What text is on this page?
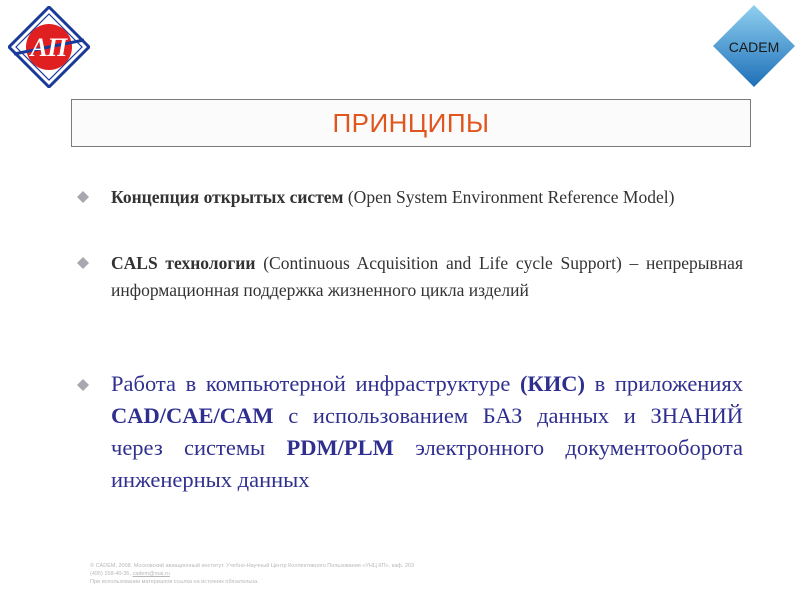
АП	CADEM
ПРИНЦИПЫ
Концепция открытых систем (Open System Environment Reference Model)
CALS технологии (Continuous Acquisition and Life cycle Support) – непрерывная информационная поддержка жизненного цикла изделий
Работа в компьютерной инфраструктуре (КИС) в приложениях CAD/CAE/CAM с использованием БАЗ данных и ЗНАНИЙ через системы PDM/PLM электронного документооборота инженерных данных
© CADEM, 2008. Московский авиационный институт. Учебно-Научный Центр Коллективного Пользования «УНЦ КП», каф. 203
(495) 158-40-35, cadem@mai.ru
При использовании материалов ссылка на источник обязательна.
